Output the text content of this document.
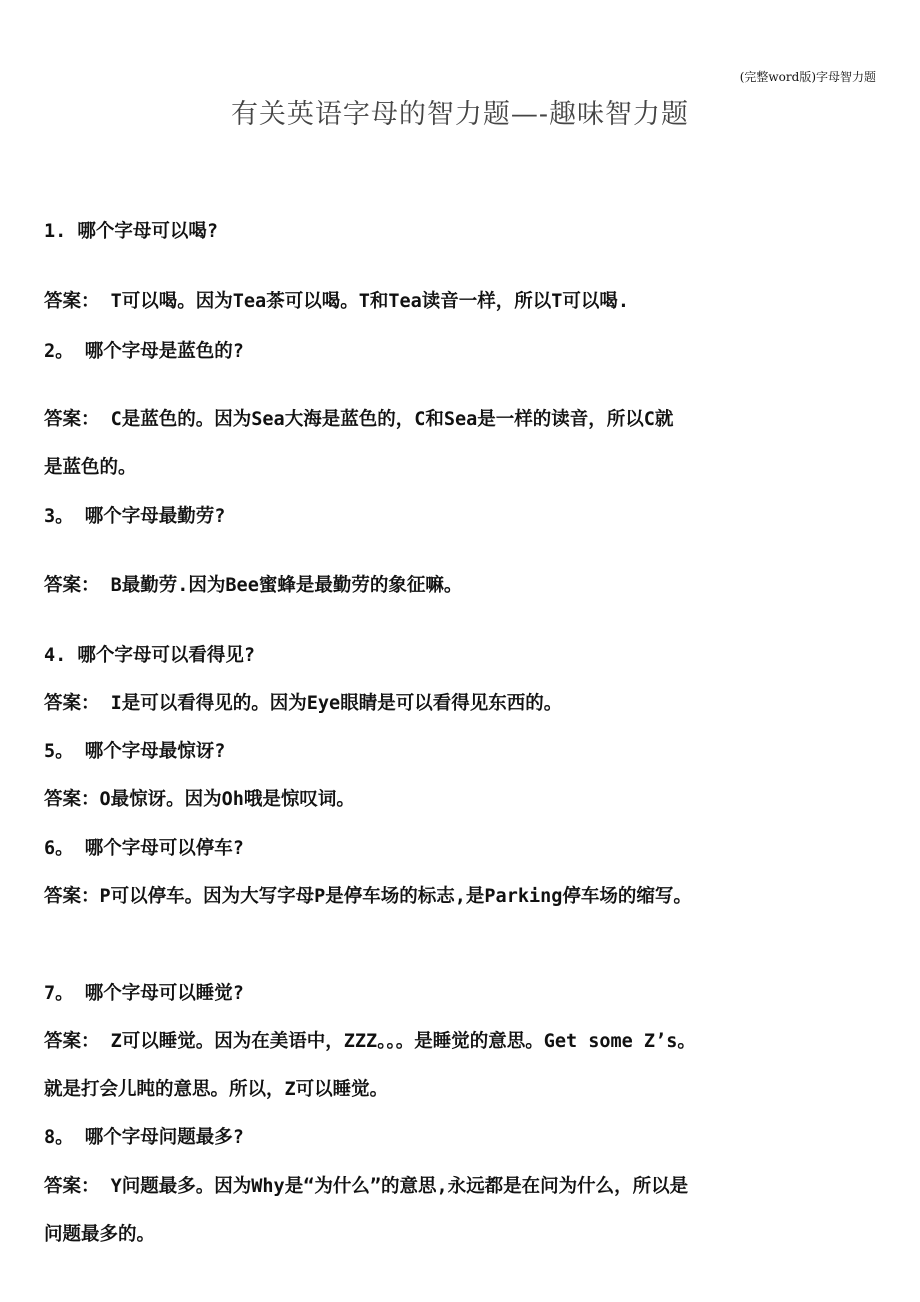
(完整word版)字母智力题
有关英语字母的智力题—-趣味智力题
1. 哪个字母可以喝?
答案： T可以喝。因为Tea茶可以喝。T和Tea读音一样，所以T可以喝.
2。 哪个字母是蓝色的?
答案： C是蓝色的。因为Sea大海是蓝色的，C和Sea是一样的读音，所以C就
是蓝色的。
3。 哪个字母最勤劳?
答案： B最勤劳.因为Bee蜜蜂是最勤劳的象征嘛。
4. 哪个字母可以看得见?
答案： I是可以看得见的。因为Eye眼睛是可以看得见东西的。
5。 哪个字母最惊讶?
答案：O最惊讶。因为Oh哦是惊叹词。
6。 哪个字母可以停车?
答案：P可以停车。因为大写字母P是停车场的标志,是Parking停车场的缩写。
7。 哪个字母可以睡觉?
答案： Z可以睡觉。因为在美语中，ZZZ。。。是睡觉的意思。Get some Z’s。
就是打会儿盹的意思。所以，Z可以睡觉。
8。 哪个字母问题最多?
答案： Y问题最多。因为Why是“为什么”的意思,永远都是在问为什么，所以是
问题最多的。
